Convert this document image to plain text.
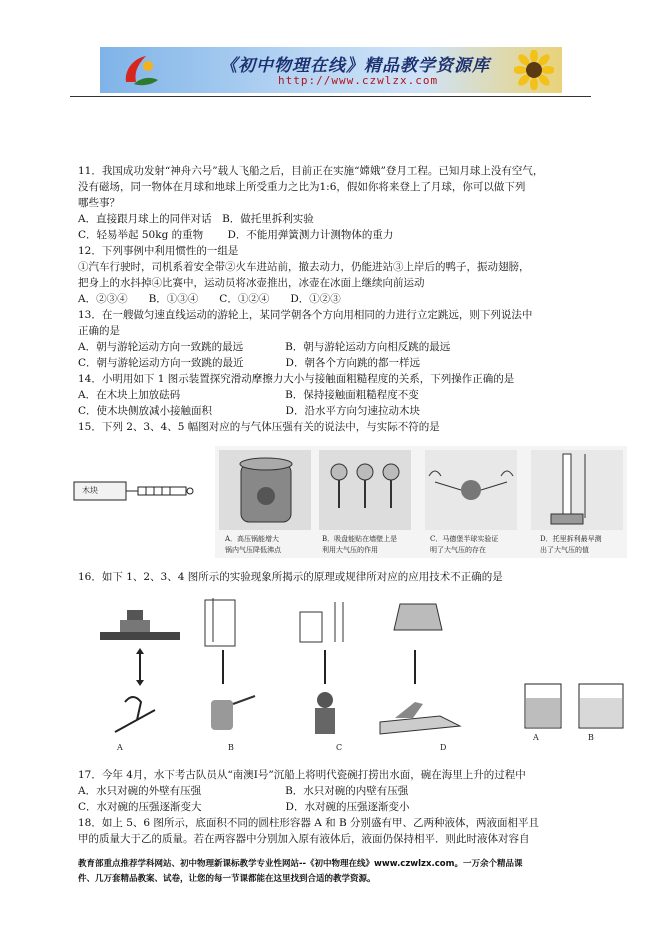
《初中物理在线》精品教学资源库
http://www.czwlzx.com
11．我国成功发射“神舟六号”载人飞船之后，目前正在实施“嫦娥”登月工程。已知月球上没有空气，
没有磁场，同一物体在月球和地球上所受重力之比为1:6，假如你将来登上了月球，你可以做下列
哪些事？
A．直接跟月球上的同伴对话　B．做托里拆利实验
C．轻易举起 50kg 的重物　　 D．不能用弹簧测力计测物体的重力
12．下列事例中利用惯性的一组是
①汽车行驶时，司机系着安全带②火车进站前，撤去动力，仍能进站③上岸后的鸭子，振动翅膀，
把身上的水抖掉④比赛中，运动员将冰壶推出，冰壶在冰面上继续向前运动
A．②③④　　B．①③④　　C．①②④　　D．①②③
13．在一艘做匀速直线运动的游轮上，某同学朝各个方向用相同的力进行立定跳远，则下列说法中
正确的是
A．朝与游轮运动方向一致跳的最远　　　　B．朝与游轮运动方向相反跳的最远
C．朝与游轮运动方向一致跳的最近　　　　D．朝各个方向跳的都一样远
14．小明用如下 1 图示装置探究滑动摩擦力大小与接触面粗糙程度的关系，下列操作正确的是
A．在木块上加放砝码　　　　　　　　　　B．保持接触面粗糙程度不变
C．使木块侧放减小接触面积　　　　　　　D．沿水平方向匀速拉动木块
15．下列 2、3、4、5 幅图对应的与气体压强有关的说法中，与实际不符的是
木块
A．高压锅能增大
锅内气压降低沸点
B．吸盘能贴在墙壁上是
利用大气压的作用
C．马德堡半球实验证
明了大气压的存在
D．托里拆利最早测
出了大气压的值
16．如下 1、2、3、4 图所示的实验现象所揭示的原理或规律所对应的应用技术不正确的是
A	B	C	D
A	B
17．今年 4月，水下考古队员从“南澳Ⅰ号”沉船上将明代瓷碗打捞出水面，碗在海里上升的过程中
A．水只对碗的外壁有压强　　　　　　　　B．水只对碗的内壁有压强
C．水对碗的压强逐渐变大　　　　　　　　D．水对碗的压强逐渐变小
18．如上 5、6 图所示，底面积不同的圆柱形容器 A 和 B 分别盛有甲、乙两种液体，两液面相平且
甲的质量大于乙的质量。若在两容器中分别加入原有液体后，液面仍保持相平．则此时液体对容自
教育部重点推荐学科网站、初中物理新课标教学专业性网站--《初中物理在线》www.czwlzx.com。一万余个精品课
件、几万套精品教案、试卷，让您的每一节课都能在这里找到合适的教学资源。
